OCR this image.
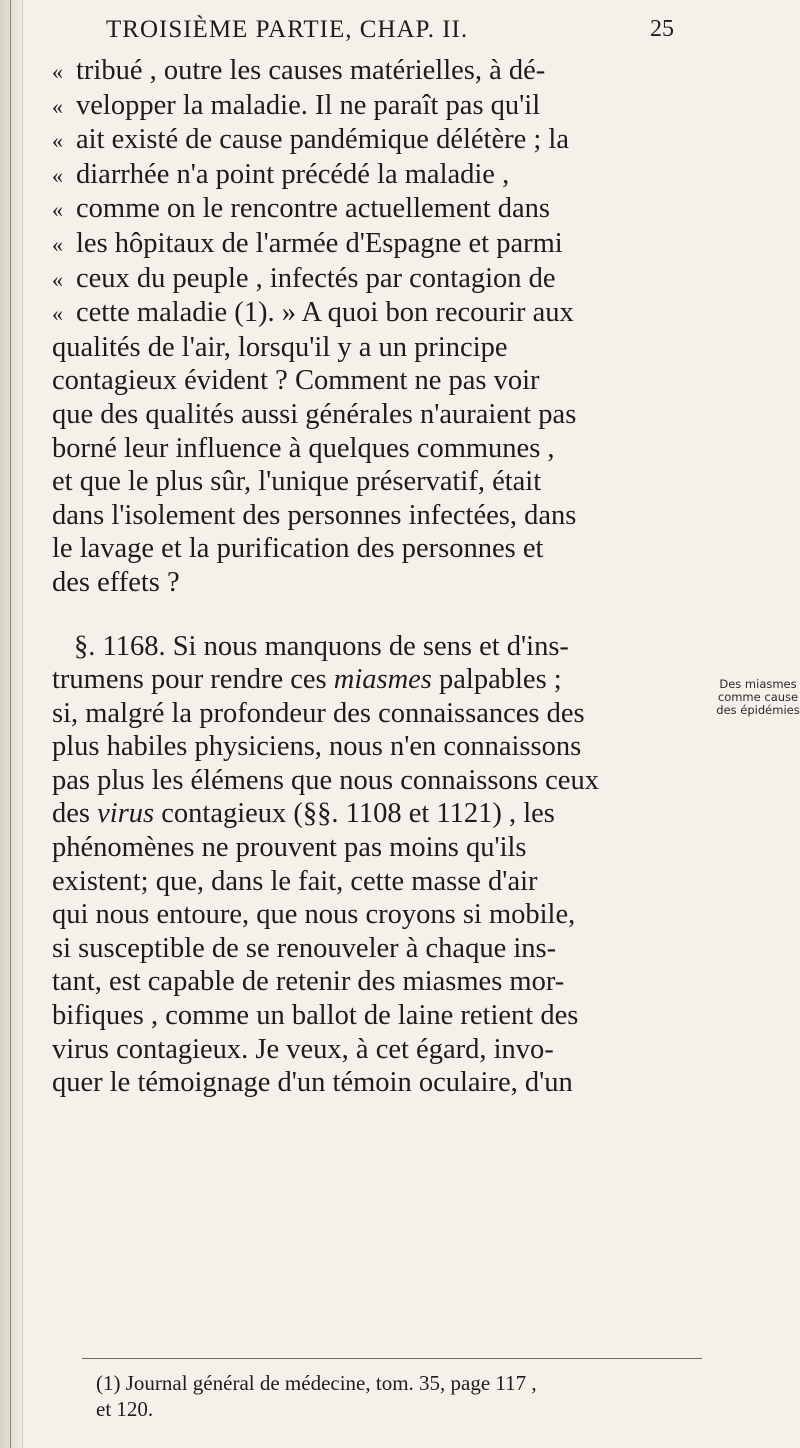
TROISIÈME PARTIE, CHAP. II.	25
« tribué , outre les causes matérielles, à dé-
« velopper la maladie. Il ne paraît pas qu'il
« ait existé de cause pandémique délétère ; la
« diarrhée n'a point précédé la maladie ,
« comme on le rencontre actuellement dans
« les hôpitaux de l'armée d'Espagne et parmi
« ceux du peuple , infectés par contagion de
« cette maladie (1). » A quoi bon recourir aux
qualités de l'air, lorsqu'il y a un principe
contagieux évident ? Comment ne pas voir
que des qualités aussi générales n'auraient pas
borné leur influence à quelques communes ,
et que le plus sûr, l'unique préservatif, était
dans l'isolement des personnes infectées, dans
le lavage et la purification des personnes et
des effets ?
§. 1168. Si nous manquons de sens et d'ins-
trumens pour rendre ces miasmes palpables ;
si, malgré la profondeur des connaissances des
plus habiles physiciens, nous n'en connaissons
pas plus les élémens que nous connaissons ceux
des virus contagieux (§§. 1108 et 1121) , les
phénomènes ne prouvent pas moins qu'ils
existent; que, dans le fait, cette masse d'air
qui nous entoure, que nous croyons si mobile,
si susceptible de se renouveler à chaque ins-
tant, est capable de retenir des miasmes mor-
bifiques , comme un ballot de laine retient des
virus contagieux. Je veux, à cet égard, invo-
quer le témoignage d'un témoin oculaire, d'un
Des miasmes
comme cause
des épidémies
(1) Journal général de médecine, tom. 35, page 117 ,
et 120.
